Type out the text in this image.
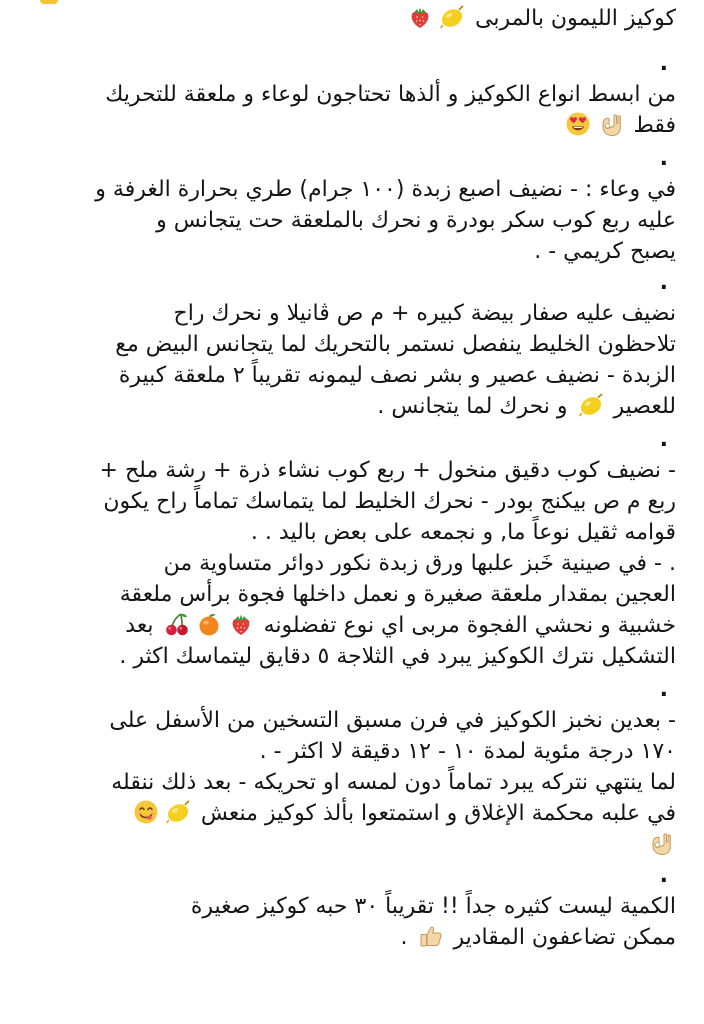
كوكيز الليمون بالمربى
.
من ابسط انواع الكوكيز و ألذها تحتاجون لوعاء و ملعقة للتحريك
فقط
.
في وعاء : - نضيف اصبع زبدة (١٠٠ جرام) طري بحرارة الغرفة و
عليه ربع كوب سكر بودرة و نحرك بالملعقة حت يتجانس و
يصبح كريمي - .
.
نضيف عليه صفار بيضة كبيره + م ص ڤانيلا و نحرك راح
تلاحظون الخليط ينفصل نستمر بالتحريك لما يتجانس البيض مع
الزبدة - نضيف عصير و بشر نصف ليمونه تقريباً ٢ ملعقة كبيرة
للعصير
و نحرك لما يتجانس .
.
- نضيف كوب دقيق منخول + ربع كوب نشاء ذرة + رشة ملح +
ربع م ص بيكنج بودر - نحرك الخليط لما يتماسك تماماً راح يكون
قوامه ثقيل نوعاً ما, و نجمعه على بعض باليد . .
. - في صينية خَبز علبها ورق زبدة نكور دوائر متساوية من
العجين بمقدار ملعقة صغيرة و نعمل داخلها فجوة برأس ملعقة
خشبية و نحشي الفجوة مربى اي نوع تفضلونه
بعد
التشكيل نترك الكوكيز يبرد في الثلاجة ٥ دقايق ليتماسك اكثر .
.
- بعدين نخبز الكوكيز في فرن مسبق التسخين من الأسفل على
١٧٠ درجة مئوية لمدة ١٠ - ١٢ دقيقة لا اكثر - .
لما ينتهي نتركه يبرد تماماً دون لمسه او تحريكه - بعد ذلك ننقله
في علبه محكمة الإغلاق و استمتعوا بألذ كوكيز منعش
.
الكمية ليست كثيره جداً !! تقريباً ٣٠ حبه كوكيز صغيرة
ممكن تضاعفون المقادير
.
